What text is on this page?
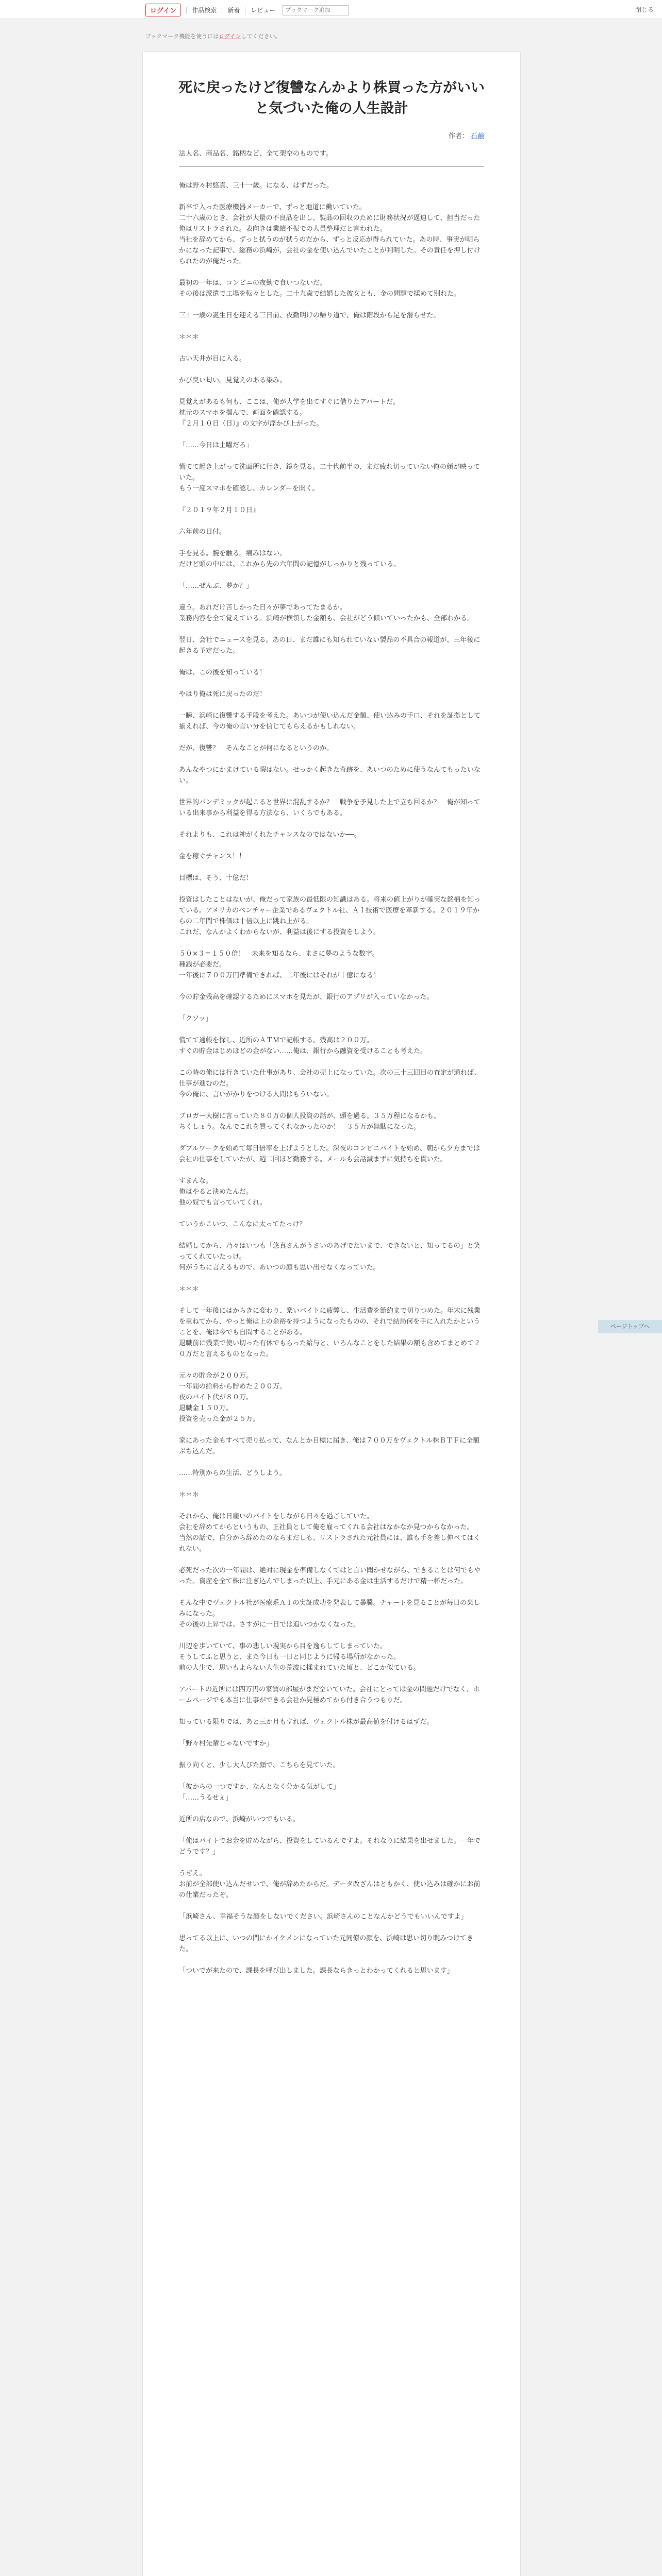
ログイン	作品検索	新着	レビュー
ブックマーク追加	閉じる
ブックマーク機能を使うにはログインしてください。
死に戻ったけど復讐なんかより株買った方がいいと気づいた俺の人生設計
作者： 石鹸

法人名、商品名、銘柄など、全て架空のものです。

俺は野々村悠真、三十一歳。になる、はずだった。

新卒で入った医療機器メーカーで、ずっと地道に働いていた。

二十六歳のとき、会社が大量の不良品を出し、製品の回収のために財務状況が逼迫して、担当だった俺はリストラされた。表向きは業績不振での人員整理だと言われた。

当社を辞めてから、ずっと拭うのが拭うのだから、ずっと反応が得られていた。あの時、事実が明らかになった記事で、総務の浜崎が、会社の金を使い込んでいたことが判明した。その責任を押し付けられたのが俺だった。

最初の一年は、コンビニの夜勤で食いつないだ。

その後は派遣で工場を転々とした。二十九歳で結婚した彼女とも、金の問題で揉めて別れた。

三十一歳の誕生日を迎える三日前、夜勤明けの帰り道で、俺は階段から足を滑らせた。

＊＊＊

古い天井が目に入る。

かび臭い匂い。見覚えのある染み。

見覚えがあるも何も、ここは、俺が大学を出てすぐに借りたアパートだ。

枕元のスマホを掴んで、画面を確認する。

『２月１０日（日）』の文字が浮かび上がった。

「……今日は土曜だろ」

慌てて起き上がって洗面所に行き、鏡を見る。二十代前半の、まだ疲れ切っていない俺の顔が映っていた。

もう一度スマホを確認し、カレンダーを開く。

『２０１９年２月１０日』

六年前の日付。

手を見る。腕を触る。痛みはない。

だけど頭の中には、これから先の六年間の記憶がしっかりと残っている。

「……ぜんぶ、夢か？」

違う。あれだけ苦しかった日々が夢であってたまるか。

業務内容を全て覚えている。浜崎が横領した金額も、会社がどう傾いていったかも、全部わかる。

翌日、会社でニュースを見る。あの日、まだ誰にも知られていない製品の不具合の報道が、三年後に起きる予定だった。

俺は、この後を知っている！

やはり俺は死に戻ったのだ！

一瞬、浜崎に復讐する手段を考えた。あいつが使い込んだ金額、使い込みの手口、それを証拠として揃えれば、今の俺の言い分を信じてもらえるかもしれない。

だが、復讐？　そんなことが何になるというのか。

あんなやつにかまけている暇はない。せっかく起きた奇跡を、あいつのために使うなんてもったいない。

世界的パンデミックが起こると世界に混乱するか？　戦争を予見した上で立ち回るか？　俺が知っている出来事から利益を得る方法なら、いくらでもある。

それよりも、これは神がくれたチャンスなのではないか──。

金を稼ぐチャンス！！

目標は、そう、十億だ！

投資はしたことはないが、俺だって家族の最低限の知識はある。将来の値上がりが確実な銘柄を知っている。アメリカのベンチャー企業であるヴェクトル社、ＡＩ技術で医療を革新する。２０１９年からの二年間で株価は十倍以上に跳ね上がる。

これだ、なんかよくわからないが、利益は後にする投資をしよう。

５０×３＝１５０倍！　未来を知るなら、まさに夢のような数字。

種銭が必要だ。

一年後に７００万円準備できれば、二年後にはそれが十億になる！

今の貯金残高を確認するためにスマホを見たが、銀行のアプリが入っていなかった。

「クソッ」

慌てて通帳を探し、近所のＡＴＭで記帳する。残高は２００万。

すぐの貯金はじめほどの金がない……俺は、銀行から融資を受けることも考えた。

この時の俺には行きていた仕事があり、会社の売上になっていた。次の三十三回目の査定が通れば、仕事が進むのだ。

今の俺に、言いがかりをつける人間はもういない。

ブロガー大樹に言っていた８０万の個人投資の話が、頭を過る。３５万程になるかも。

ちくしょう。なんでこれを買ってくれなかったのか！　３５万が無駄になった。

ダブルワークを始めて毎日倍率を上げようとした。深夜のコンビニバイトを始め、朝から夕方までは会社の仕事をしていたが、週二回ほど勤務する。メールも会話減まずに気持ちを貫いた。

すまんな。

俺はやると決めたんだ。

他の奴でも言っていてくれ。

ていうかこいつ、こんなに太ってたっけ？

結婚してから、乃々はいつも「悠真さんがうさいのあげでたいまで、できないと、知ってるの」と笑ってくれていたっけ。

何がうちに言えるもので、あいつの顔も思い出せなくなっていた。

＊＊＊

そして一年後にはからきに変わり、楽いバイトに疲弊し、生活費を節約まで切りつめた。年末に残業を重ねてから、やっと俺は上の余裕を持つようになったものの、それで結局何を手に入れたかということを、俺は今でも自問することがある。

退職前に残業で使い切った有休でもらった給与と、いろんなことをした結果の額も含めてまとめて２０万だと言えるものとなった。

元々の貯金が２００万。

一年間の給料から貯めた２００万。

夜のバイト代が８０万。

退職金１５０万。

投資を売った金が２５万。

家にあった金もすべて売り払って、なんとか目標に届き、俺は７００万をヴェクトル株ＢＴＦに全額ぶち込んだ。

……特別からの生活、どうしよう。

＊＊＊

それから、俺は日雇いのバイトをしながら日々を過ごしていた。

会社を辞めてからというもの、正社員として俺を雇ってくれる会社はなかなか見つからなかった。

当然の話で、自分から辞めたのならまだしも、リストラされた元社員には、誰も手を差し伸べてはくれない。

必死だった次の一年間は、絶対に現金を準備しなくてはと言い聞かせながら、できることは何でもやった。資産を全て株に注ぎ込んでしまった以上、手元にある金は生活するだけで精一杯だった。

そんな中でヴェクトル社が医療系ＡＩの実証成功を発表して暴騰。チャートを見ることが毎日の楽しみになった。

その後の上昇では、さすがに一日では追いつかなくなった。

川辺を歩いていて、事の悲しい現実から目を逸らしてしまっていた。

そうしてふと思うと、また今日も一日と同じように帰る場所がなかった。

前の人生で、思いもよらない人生の荒波に揉まれていた頃と、どこか似ている。

アパートの近所には四万円の家賃の部屋がまだ空いていた。会社にとっては金の問題だけでなく、ホームページでも本当に仕事ができる会社か見極めてから付き合うつもりだ。

知っている限りでは、あと三か月もすれば、ヴェクトル株が最高値を付けるはずだ。

「野々村先輩じゃないですか」

振り向くと、少し大人びた顔で、こちらを見ていた。

「彼からの一つですか、なんとなく分かる気がして」

「……うるせぇ」

近所の店なので、浜崎がいつでもいる。

「俺はバイトでお金を貯めながら、投資をしているんですよ。それなりに結果を出せました。一年でどうです？」

うぜえ。

お前が全部使い込んだせいで、俺が辞めたからだ。データ改ざんはともかく、使い込みは確かにお前の仕業だったぞ。

「浜崎さん、幸福そうな顔をしないでください。浜崎さんのことなんかどうでもいいんですよ」

思ってる以上に、いつの間にかイケメンになっていた元同僚の顔を、浜崎は思い切り睨みつけてきた。

「ついでが来たので、課長を呼び出しました。課長ならきっとわかってくれると思います」

ページトップへ
